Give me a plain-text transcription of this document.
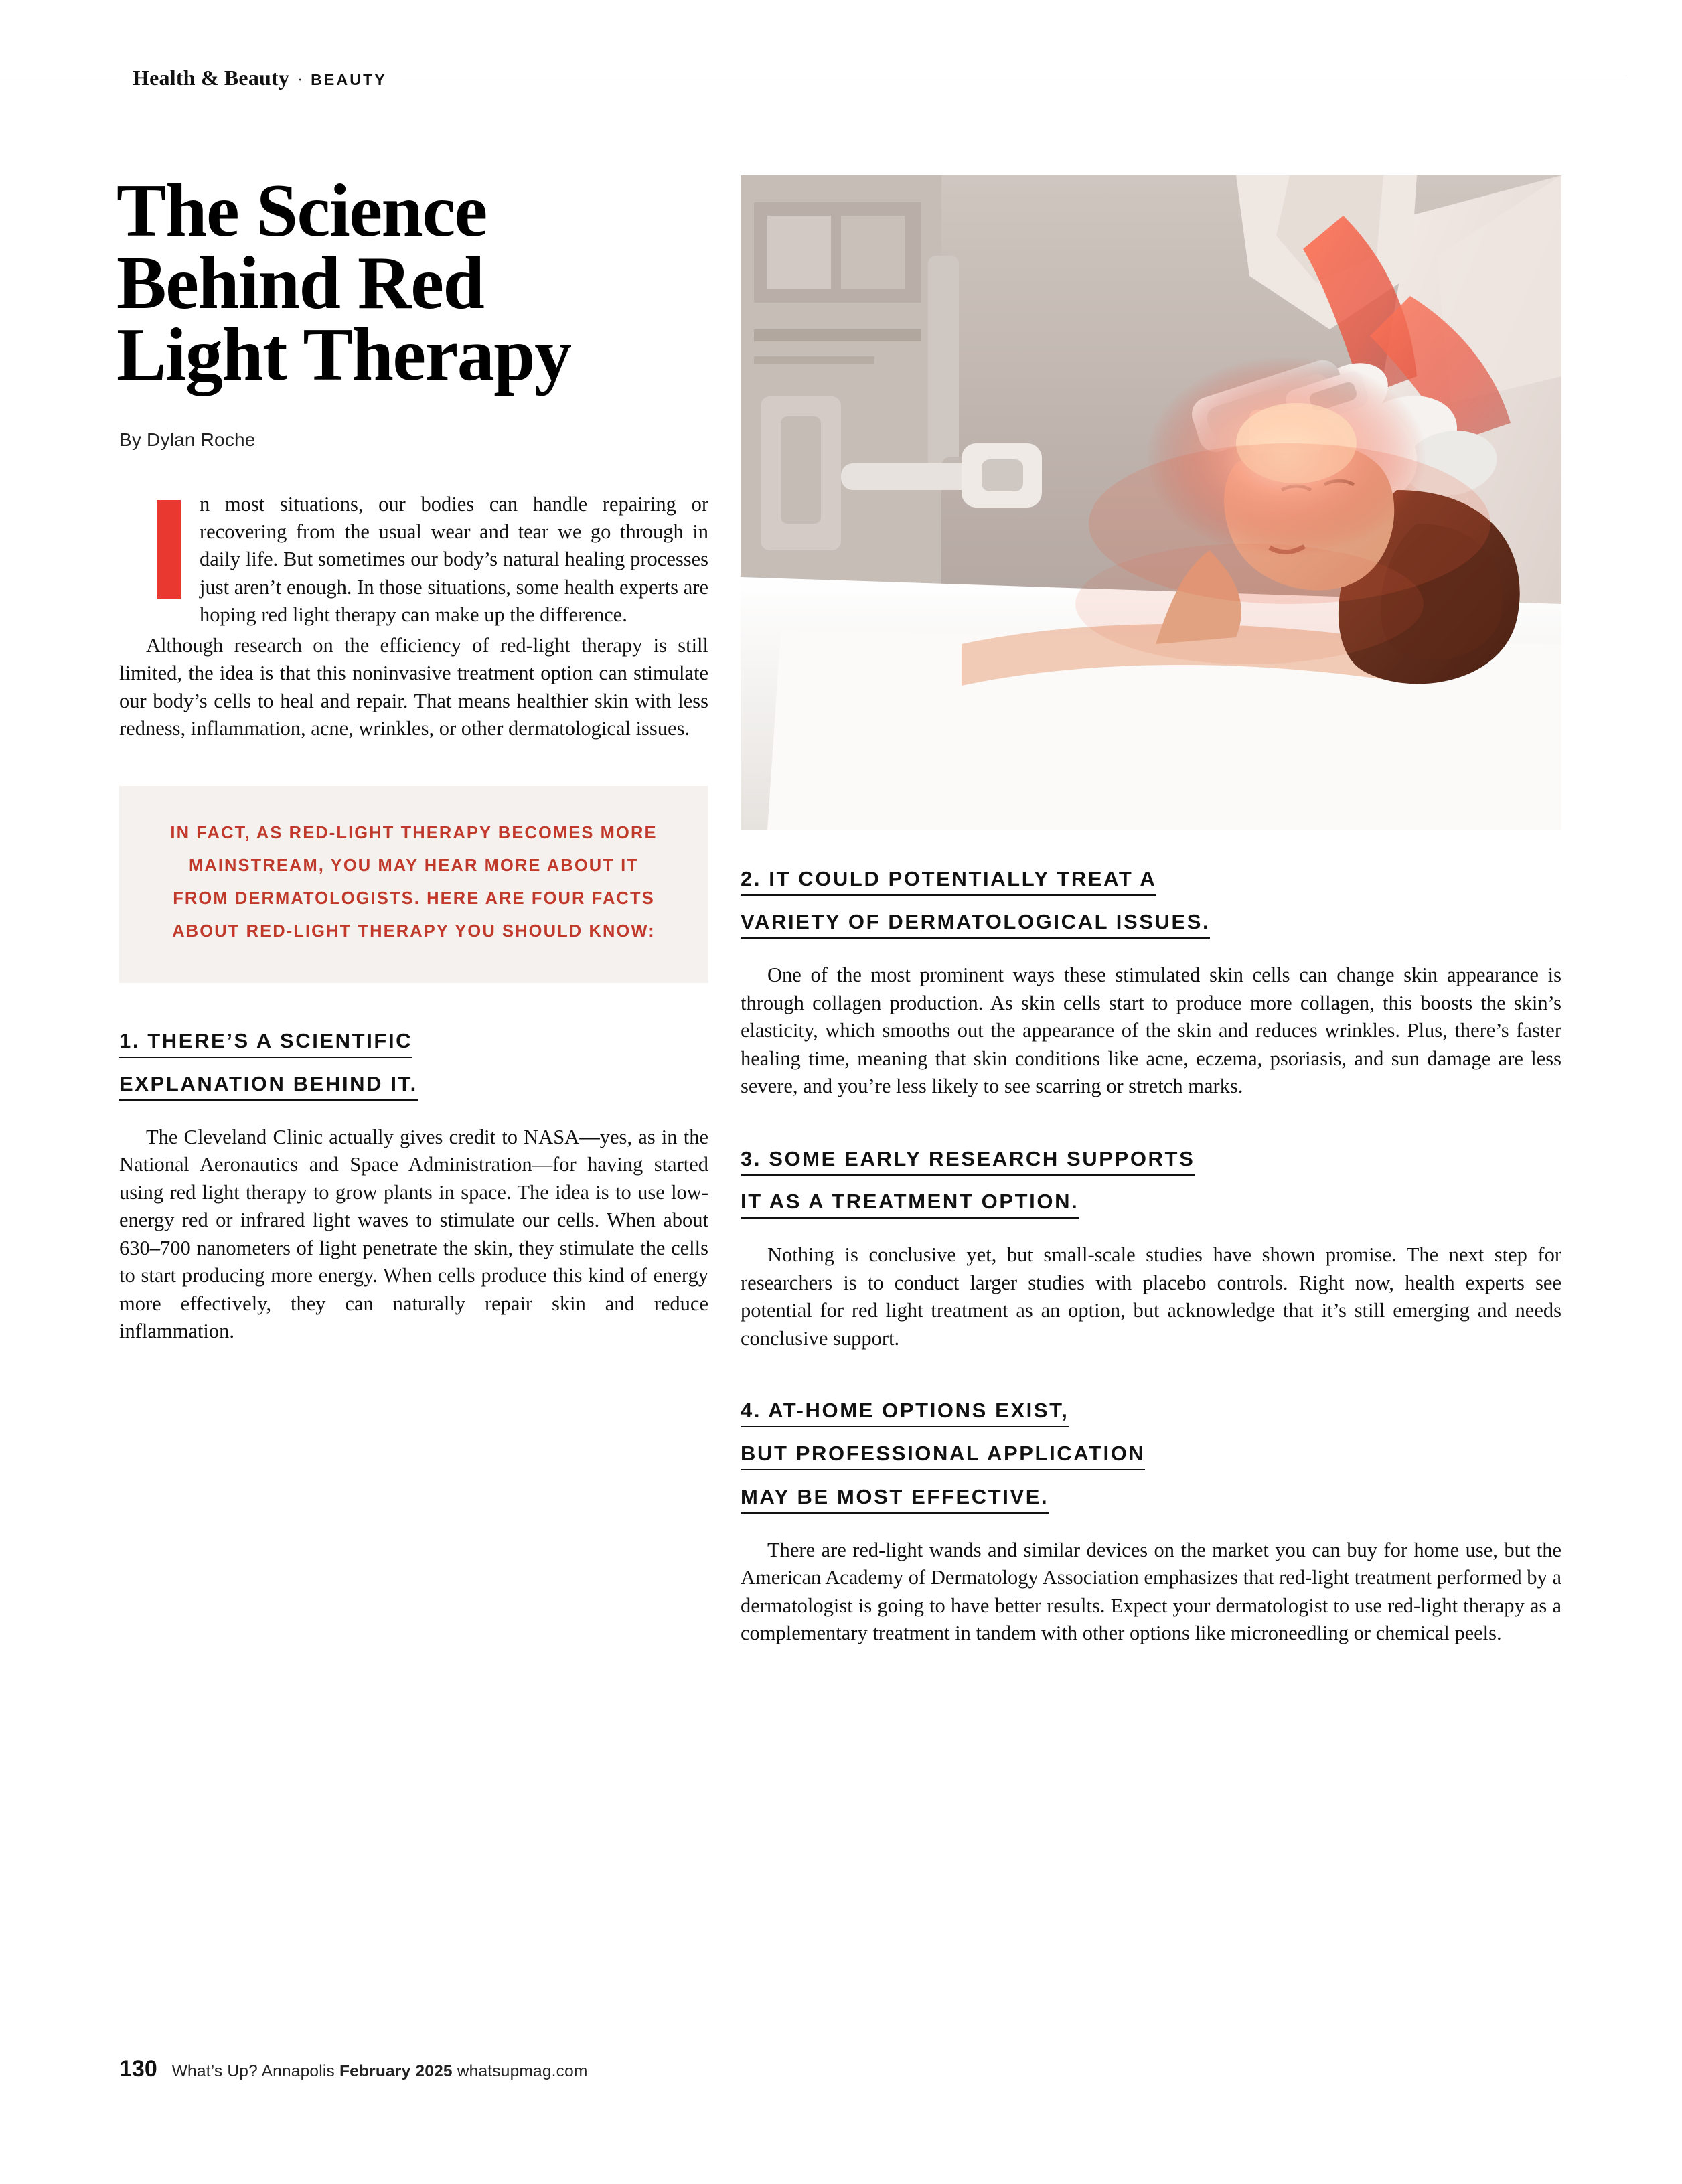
Health & Beauty · BEAUTY
The Science
Behind Red
Light Therapy
By Dylan Roche

n most situations, our bodies can handle repairing or recovering from the usual wear and tear we go through in daily life. But sometimes our body’s natural healing processes just aren’t enough. In those situations, some health experts are hoping red light therapy can make up the difference.

Although research on the efficiency of red-light therapy is still limited, the idea is that this noninvasive treatment option can stimulate our body’s cells to heal and repair. That means healthier skin with less redness, inflammation, acne, wrinkles, or other dermatological issues.

IN FACT, AS RED-LIGHT THERAPY BECOMES MORE MAINSTREAM, YOU MAY HEAR MORE ABOUT IT FROM DERMATOLOGISTS. HERE ARE FOUR FACTS ABOUT RED-LIGHT THERAPY YOU SHOULD KNOW:

1. THERE’S A SCIENTIFIC
EXPLANATION BEHIND IT.

The Cleveland Clinic actually gives credit to NASA—yes, as in the National Aeronautics and Space Administration—for having started using red light therapy to grow plants in space. The idea is to use low-energy red or infrared light waves to stimulate our cells. When about 630–700 nanometers of light penetrate the skin, they stimulate the cells to start producing more energy. When cells produce this kind of energy more effectively, they can naturally repair skin and reduce inflammation.

2. IT COULD POTENTIALLY TREAT A
VARIETY OF DERMATOLOGICAL ISSUES.

One of the most prominent ways these stimulated skin cells can change skin appearance is through collagen production. As skin cells start to produce more collagen, this boosts the skin’s elasticity, which smooths out the appearance of the skin and reduces wrinkles. Plus, there’s faster healing time, meaning that skin conditions like acne, eczema, psoriasis, and sun damage are less severe, and you’re less likely to see scarring or stretch marks.

3. SOME EARLY RESEARCH SUPPORTS
IT AS A TREATMENT OPTION.

Nothing is conclusive yet, but small-scale studies have shown promise. The next step for researchers is to conduct larger studies with placebo controls. Right now, health experts see potential for red light treatment as an option, but acknowledge that it’s still emerging and needs conclusive support.

4. AT-HOME OPTIONS EXIST,
BUT PROFESSIONAL APPLICATION
MAY BE MOST EFFECTIVE.

There are red-light wands and similar devices on the market you can buy for home use, but the American Academy of Dermatology Association emphasizes that red-light treatment performed by a dermatologist is going to have better results. Expect your dermatologist to use red-light therapy as a complementary treatment in tandem with other options like microneedling or chemical peels.

130 What’s Up? Annapolis February 2025 whatsupmag.com
